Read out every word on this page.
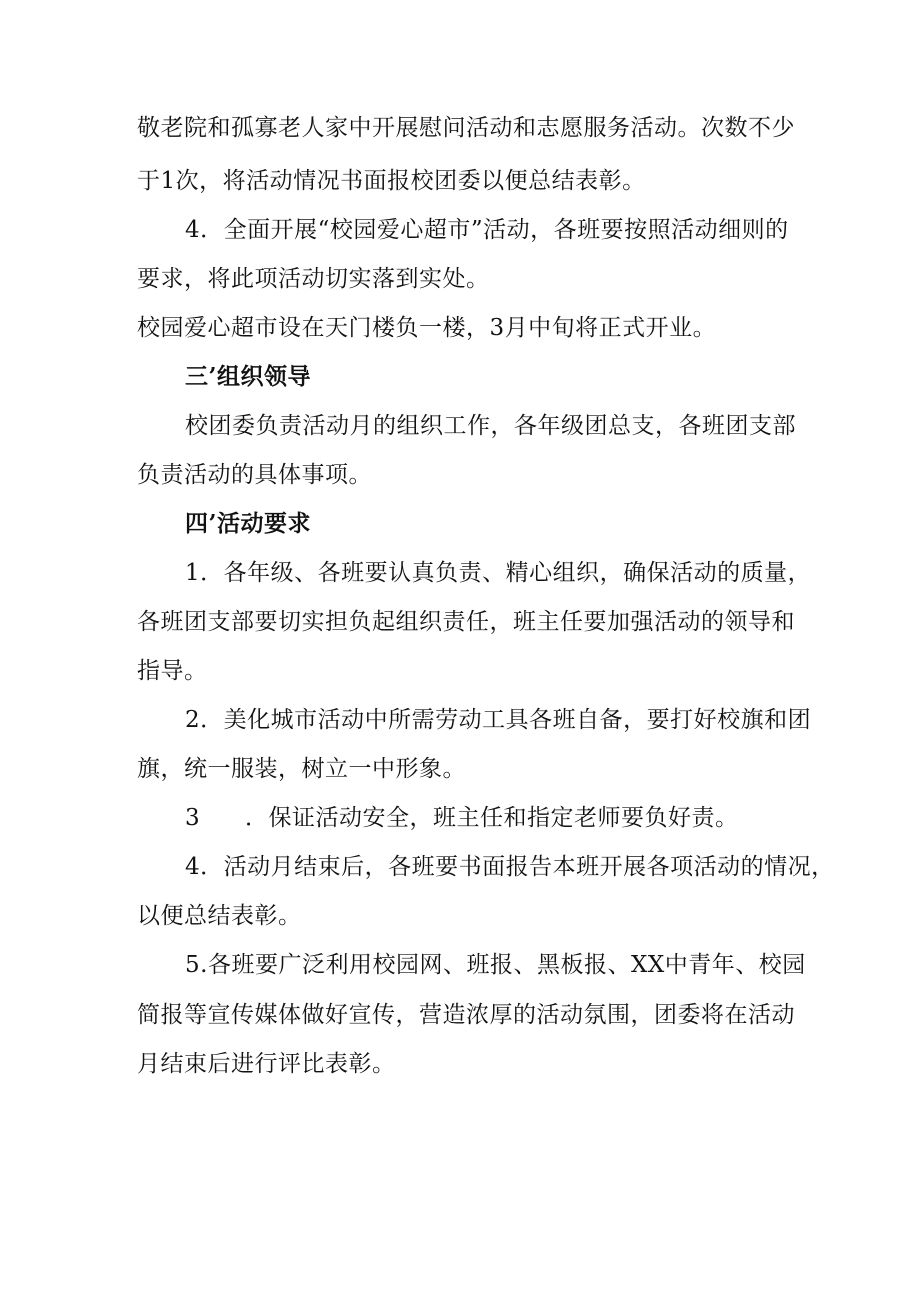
敬老院和孤寡老人家中开展慰问活动和志愿服务活动。次数不少
于1次，将活动情况书面报校团委以便总结表彰。
4．全面开展“校园爱心超市”活动，各班要按照活动细则的
要求，将此项活动切实落到实处。
校园爱心超市设在天门楼负一楼，3月中旬将正式开业。
三’组织领导
校团委负责活动月的组织工作，各年级团总支，各班团支部
负责活动的具体事项。
四’活动要求
1．各年级、各班要认真负责、精心组织，确保活动的质量，
各班团支部要切实担负起组织责任，班主任要加强活动的领导和
指导。
2．美化城市活动中所需劳动工具各班自备，要打好校旗和团
旗，统一服装，树立一中形象。
3 ．保证活动安全，班主任和指定老师要负好责。
4．活动月结束后，各班要书面报告本班开展各项活动的情况，
以便总结表彰。
5.各班要广泛利用校园网、班报、黑板报、XX中青年、校园
简报等宣传媒体做好宣传，营造浓厚的活动氛围，团委将在活动
月结束后进行评比表彰。
